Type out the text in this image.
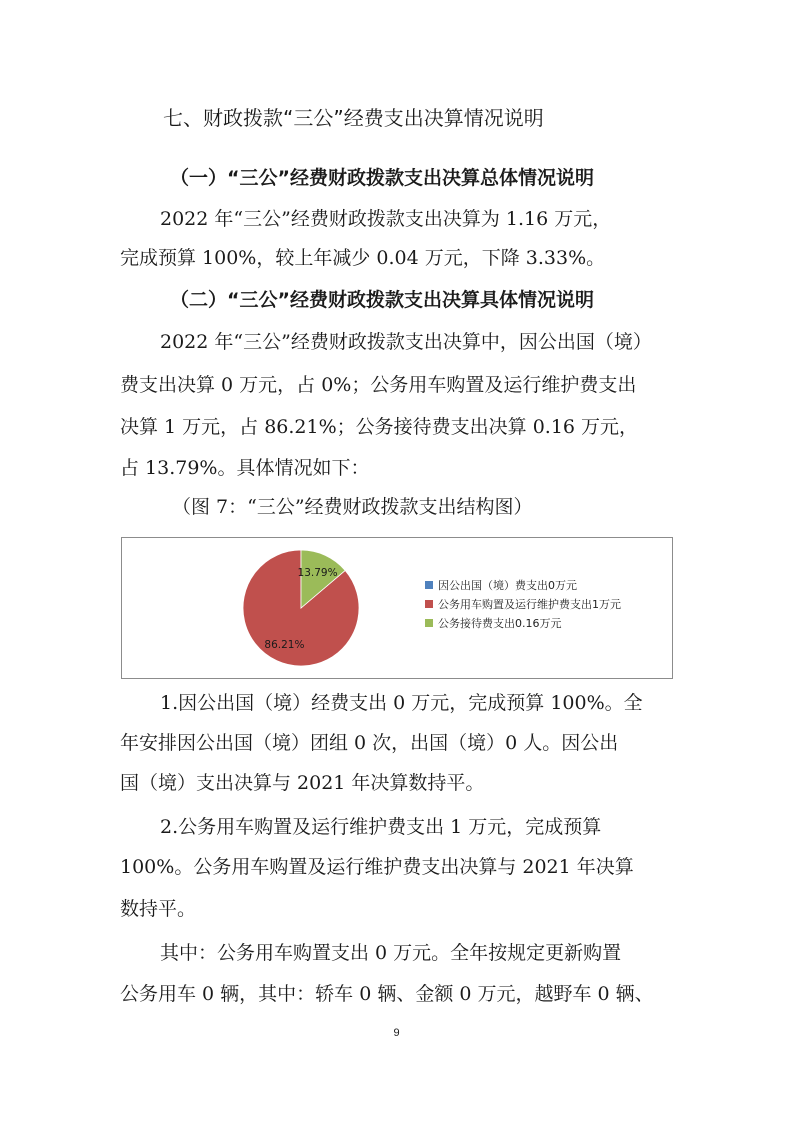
七、财政拨款“三公”经费支出决算情况说明
（一）“三公”经费财政拨款支出决算总体情况说明
2022 年“三公”经费财政拨款支出决算为 1.16 万元，
完成预算 100%，较上年减少 0.04 万元，下降 3.33%。
（二）“三公”经费财政拨款支出决算具体情况说明
2022 年“三公”经费财政拨款支出决算中，因公出国（境）
费支出决算 0 万元，占 0%；公务用车购置及运行维护费支出
决算 1 万元，占 86.21%；公务接待费支出决算 0.16 万元，
占 13.79%。具体情况如下：
（图 7：“三公”经费财政拨款支出结构图）
86.21%
13.79%
因公出国（境）费支出0万元
公务用车购置及运行维护费支出1万元
公务接待费支出0.16万元
1.因公出国（境）经费支出 0 万元，完成预算 100%。全
年安排因公出国（境）团组 0 次，出国（境）0 人。因公出
国（境）支出决算与 2021 年决算数持平。
2.公务用车购置及运行维护费支出 1 万元，完成预算
100%。公务用车购置及运行维护费支出决算与 2021 年决算
数持平。
其中：公务用车购置支出 0 万元。全年按规定更新购置
公务用车 0 辆，其中：轿车 0 辆、金额 0 万元，越野车 0 辆、
9
